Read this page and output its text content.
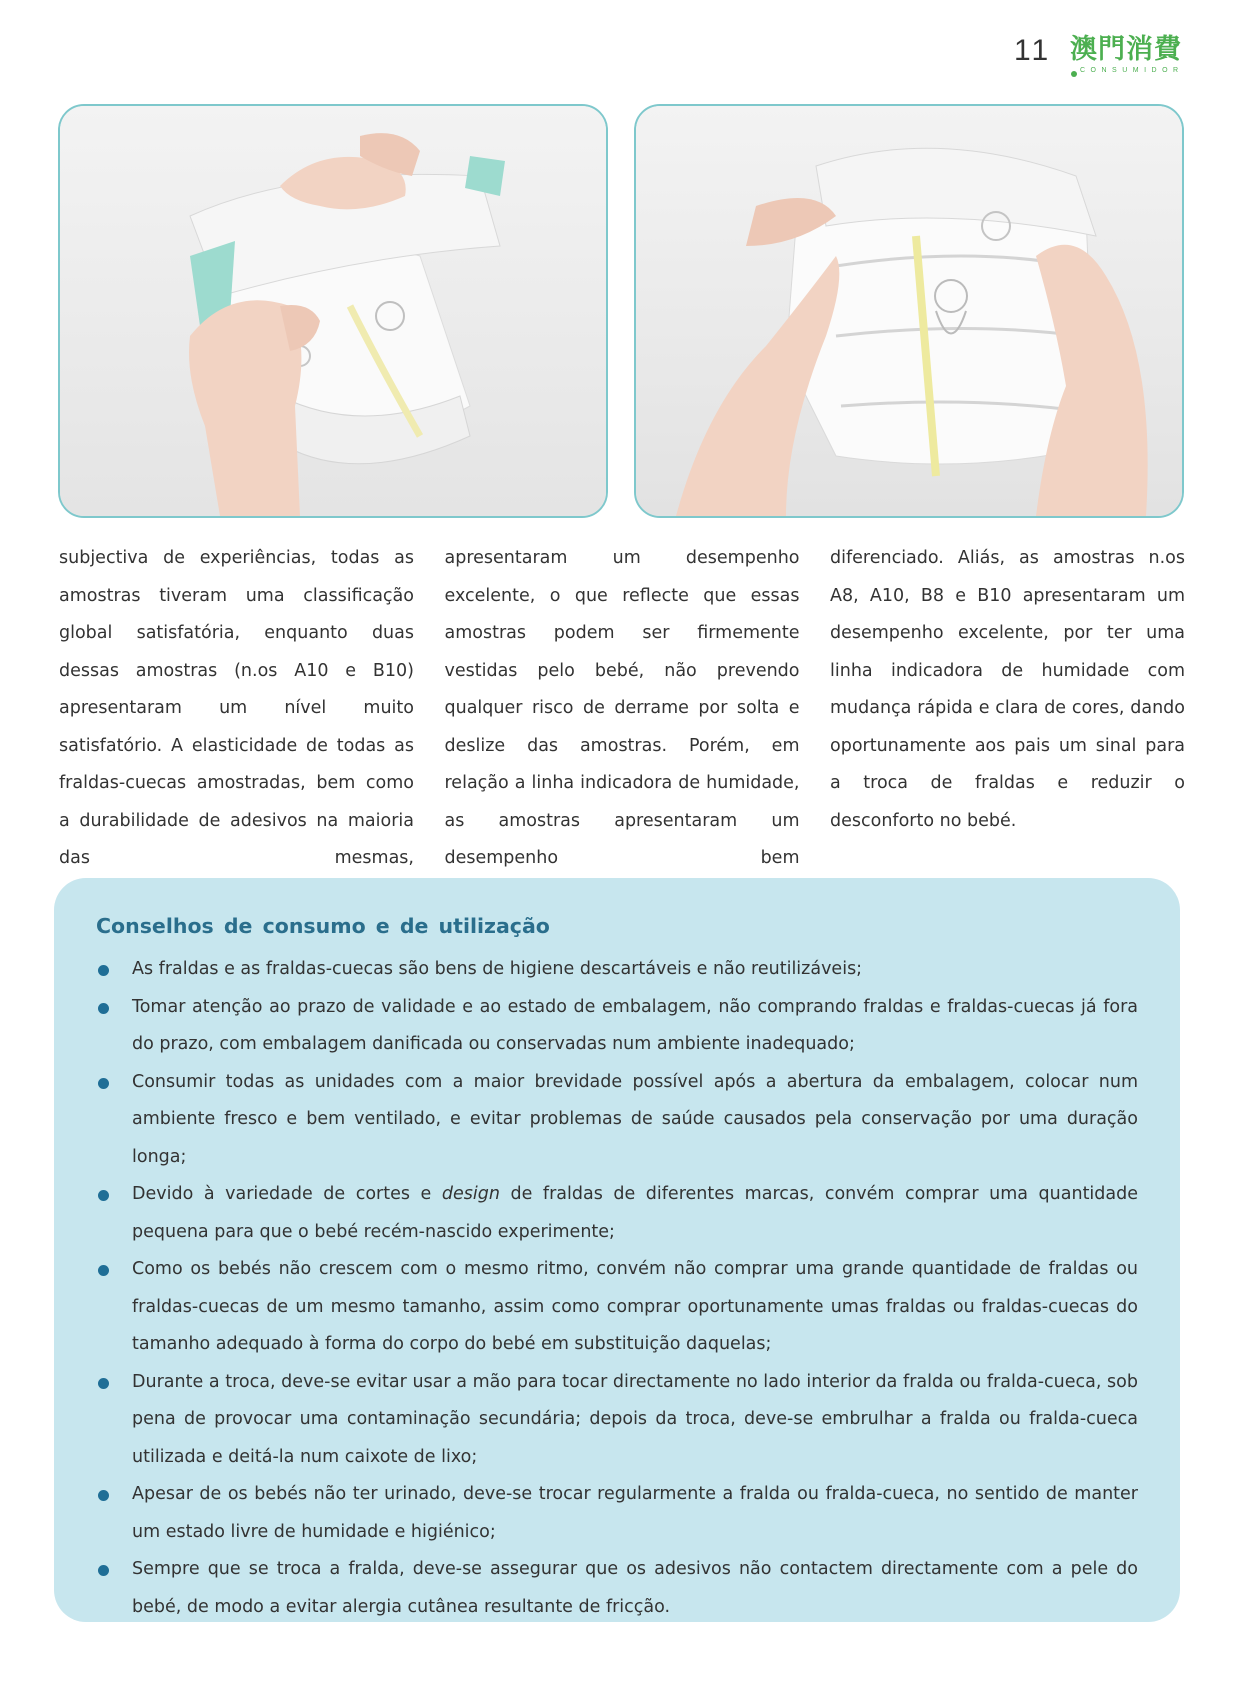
11 澳門消費
CONSUMIDOR

subjectiva de experiências, todas as amostras tiveram uma classificação global satisfatória, enquanto duas dessas amostras (n.os A10 e B10) apresentaram um nível muito satisfatório. A elasticidade de todas as fraldas-cuecas amostradas, bem como a durabilidade de adesivos na maioria das mesmas,

apresentaram um desempenho excelente, o que reflecte que essas amostras podem ser firmemente vestidas pelo bebé, não prevendo qualquer risco de derrame por solta e deslize das amostras. Porém, em relação a linha indicadora de humidade, as amostras apresentaram um desempenho bem

diferenciado. Aliás, as amostras n.os A8, A10, B8 e B10 apresentaram um desempenho excelente, por ter uma linha indicadora de humidade com mudança rápida e clara de cores, dando oportunamente aos pais um sinal para a troca de fraldas e reduzir o desconforto no bebé.

Conselhos de consumo e de utilização
As fraldas e as fraldas-cuecas são bens de higiene descartáveis e não reutilizáveis;
Tomar atenção ao prazo de validade e ao estado de embalagem, não comprando fraldas e fraldas-cuecas já fora do prazo, com embalagem danificada ou conservadas num ambiente inadequado;
Consumir todas as unidades com a maior brevidade possível após a abertura da embalagem, colocar num ambiente fresco e bem ventilado, e evitar problemas de saúde causados pela conservação por uma duração longa;
Devido à variedade de cortes e design de fraldas de diferentes marcas, convém comprar uma quantidade pequena para que o bebé recém-nascido experimente;
Como os bebés não crescem com o mesmo ritmo, convém não comprar uma grande quantidade de fraldas ou fraldas-cuecas de um mesmo tamanho, assim como comprar oportunamente umas fraldas ou fraldas-cuecas do tamanho adequado à forma do corpo do bebé em substituição daquelas;
Durante a troca, deve-se evitar usar a mão para tocar directamente no lado interior da fralda ou fralda-cueca, sob pena de provocar uma contaminação secundária; depois da troca, deve-se embrulhar a fralda ou fralda-cueca utilizada e deitá-la num caixote de lixo;
Apesar de os bebés não ter urinado, deve-se trocar regularmente a fralda ou fralda-cueca, no sentido de manter um estado livre de humidade e higiénico;
Sempre que se troca a fralda, deve-se assegurar que os adesivos não contactem directamente com a pele do bebé, de modo a evitar alergia cutânea resultante de fricção.
